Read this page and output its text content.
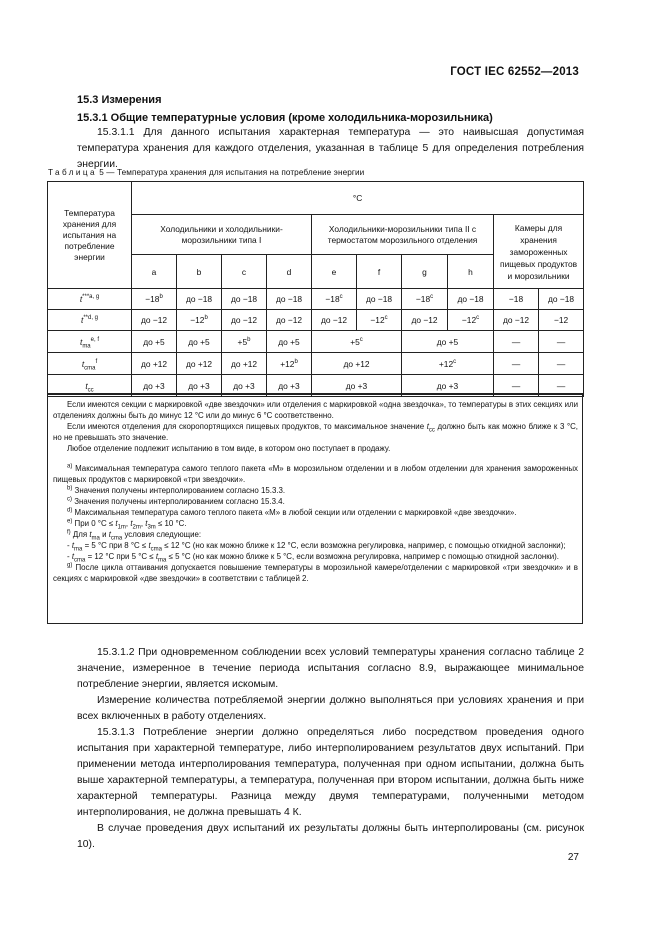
ГОСТ IEC 62552—2013
15.3 Измерения
15.3.1 Общие температурные условия (кроме холодильника-морозильника)

15.3.1.1 Для данного испытания характерная температура — это наивысшая допустимая температура хранения для каждого отделения, указанная в таблице 5 для определения потребления энергии.

Таблица 5 — Температура хранения для испытания на потребление энергии
Температура хранения для испытания на потребление энергии	°С									
	Холодильники и холодильники-морозильники типа I				Холодильники-морозильники типа II с термостатом морозильного отделения				Камеры для хранения замороженных пищевых продуктов и морозильники	
	a	b	c	d	e	f	g	h		
$t^{***a, g}$	$-18^b$	до −18	до −18	до −18	$-18^c$	до −18	$-18^c$	до −18	−18	до −18
$t^{**d, g}$	до −12	$-12^b$	до −12	до −12	до −12	$-12^c$	до −12	$-12^c$	до −12	−12
$t_{ma}^{e, f}$	до +5	до +5	$+5^b$	до +5	$+5^c$		до +5		—	—
$t_{cma}^f$	до +12	до +12	до +12	$+12^b$	до +12		$+12^c$		—	—
$t_{cc}$	до +3	до +3	до +3	до +3	до +3		до +3		—	—

Если имеются секции с маркировкой «две звездочки» или отделения с маркировкой «одна звездочка», то температуры в этих секциях или отделениях должны быть до минус 12 °С или до минус 6 °С соответственно.

Если имеются отделения для скоропортящихся пищевых продуктов, то максимальное значение $t_{cc}$ должно быть как можно ближе к 3 °С, но не превышать это значение.

Любое отделение подлежит испытанию в том виде, в котором оно поступает в продажу.

$^{a)}$ Максимальная температура самого теплого пакета «М» в морозильном отделении и в любом отделении для хранения замороженных пищевых продуктов с маркировкой «три звездочки».

$^{b)}$ Значения получены интерполированием согласно 15.3.3.

$^{c)}$ Значения получены интерполированием согласно 15.3.4.

$^{d)}$ Максимальная температура самого теплого пакета «М» в любой секции или отделении с маркировкой «две звездочки».

$^{e)}$ При 0 $^\circ С \le t_{1m}$, $t_{2m}$, $t_{3m} \le 10$ °С.

$^{f)}$ Для $t_{ma}$ и $t_{cma}$ условия следующие:

- $t_{ma} = 5$ °С при 8 $^\circ С \le t_{cma} \le 12$ °С (но как можно ближе к 12 °С, если возможна регулировка, например, с помощью откидной заслонки);

- $t_{cma} = 12$ °С при 5 $^\circ С \le t_{ma} \le 5$ °С (но как можно ближе к 5 °С, если возможна регулировка, например с помощью откидной заслонки).

$^{g)}$ После цикла оттаивания допускается повышение температуры в морозильной камере/отделении с маркировкой «три звездочки» и в секциях с маркировкой «две звездочки» в соответствии с таблицей 2.

15.3.1.2 При одновременном соблюдении всех условий температуры хранения согласно таблице 2 значение, измеренное в течение периода испытания согласно 8.9, выражающее минимальное потребление энергии, является искомым.

Измерение количества потребляемой энергии должно выполняться при условиях хранения и при всех включенных в работу отделениях.

15.3.1.3 Потребление энергии должно определяться либо посредством проведения одного испытания при характерной температуре, либо интерполированием результатов двух испытаний. При применении метода интерполирования температура, полученная при одном испытании, должна быть выше характерной температуры, а температура, полученная при втором испытании, должна быть ниже характерной температуры. Разница между двумя температурами, полученными методом интерполирования, не должна превышать 4 К.

В случае проведения двух испытаний их результаты должны быть интерполированы (см. рисунок 10).

27
